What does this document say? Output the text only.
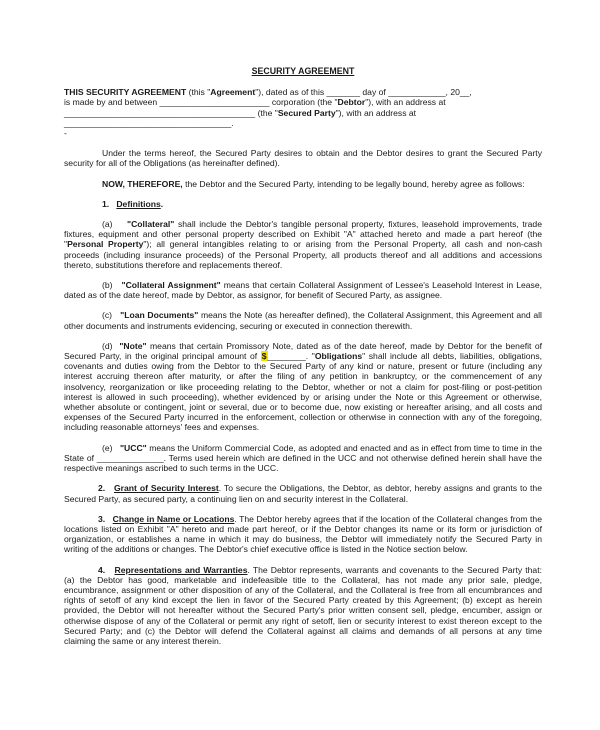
SECURITY AGREEMENT

THIS SECURITY AGREEMENT (this "Agreement"), dated as of this _______ day of ____________, 20__,
is made by and between _______________________ corporation (the "Debtor"), with an address at
________________________________________ (the "Secured Party"), with an address at
___________________________________.
-

Under the terms hereof, the Secured Party desires to obtain and the Debtor desires to grant the Secured Party security for all of the Obligations (as hereinafter defined).

NOW, THEREFORE, the Debtor and the Secured Party, intending to be legally bound, hereby agree as follows:

1. Definitions.

(a) "Collateral" shall include the Debtor's tangible personal property, fixtures, leasehold improvements, trade fixtures, equipment and other personal property described on Exhibit "A" attached hereto and made a part hereof (the "Personal Property"); all general intangibles relating to or arising from the Personal Property, all cash and non-cash proceeds (including insurance proceeds) of the Personal Property, all products thereof and all additions and accessions thereto, substitutions therefore and replacements thereof.

(b) "Collateral Assignment" means that certain Collateral Assignment of Lessee's Leasehold Interest in Lease, dated as of the date hereof, made by Debtor, as assignor, for benefit of Secured Party, as assignee.

(c) "Loan Documents" means the Note (as hereafter defined), the Collateral Assignment, this Agreement and all other documents and instruments evidencing, securing or executed in connection therewith.

(d) "Note" means that certain Promissory Note, dated as of the date hereof, made by Debtor for the benefit of Secured Party, in the original principal amount of $________. "Obligations" shall include all debts, liabilities, obligations, covenants and duties owing from the Debtor to the Secured Party of any kind or nature, present or future (including any interest accruing thereon after maturity, or after the filing of any petition in bankruptcy, or the commencement of any insolvency, reorganization or like proceeding relating to the Debtor, whether or not a claim for post-filing or post-petition interest is allowed in such proceeding), whether evidenced by or arising under the Note or this Agreement or otherwise, whether absolute or contingent, joint or several, due or to become due, now existing or hereafter arising, and all costs and expenses of the Secured Party incurred in the enforcement, collection or otherwise in connection with any of the foregoing, including reasonable attorneys' fees and expenses.

(e) "UCC" means the Uniform Commercial Code, as adopted and enacted and as in effect from time to time in the State of ______________. Terms used herein which are defined in the UCC and not otherwise defined herein shall have the respective meanings ascribed to such terms in the UCC.

2. Grant of Security Interest. To secure the Obligations, the Debtor, as debtor, hereby assigns and grants to the Secured Party, as secured party, a continuing lien on and security interest in the Collateral.

3. Change in Name or Locations. The Debtor hereby agrees that if the location of the Collateral changes from the locations listed on Exhibit "A" hereto and made part hereof, or if the Debtor changes its name or its form or jurisdiction of organization, or establishes a name in which it may do business, the Debtor will immediately notify the Secured Party in writing of the additions or changes. The Debtor's chief executive office is listed in the Notice section below.

4. Representations and Warranties. The Debtor represents, warrants and covenants to the Secured Party that: (a) the Debtor has good, marketable and indefeasible title to the Collateral, has not made any prior sale, pledge, encumbrance, assignment or other disposition of any of the Collateral, and the Collateral is free from all encumbrances and rights of setoff of any kind except the lien in favor of the Secured Party created by this Agreement; (b) except as herein provided, the Debtor will not hereafter without the Secured Party's prior written consent sell, pledge, encumber, assign or otherwise dispose of any of the Collateral or permit any right of setoff, lien or security interest to exist thereon except to the Secured Party; and (c) the Debtor will defend the Collateral against all claims and demands of all persons at any time claiming the same or any interest therein.
